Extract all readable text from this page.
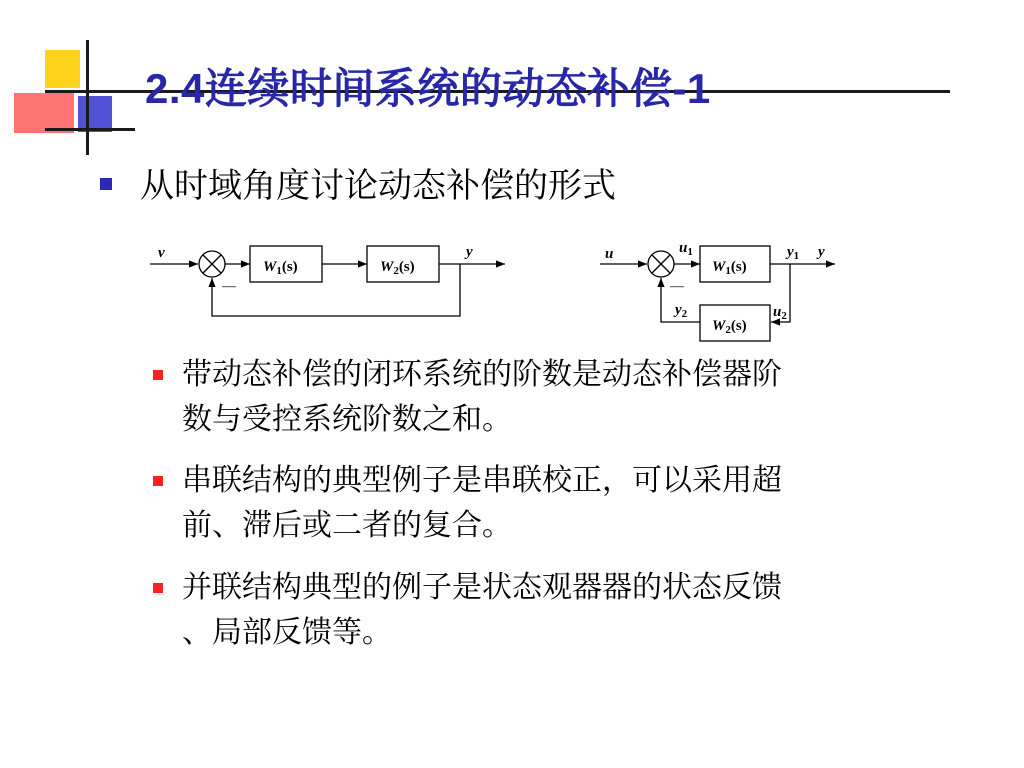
2.4连续时间系统的动态补偿-1
从时域角度讨论动态补偿的形式
v	y
—
$W_1(s)$	$W_2(s)$
u	$u_1$	$y_1$ y
—
$y_2$	$u_2$
$W_1(s)$
$W_2(s)$
带动态补偿的闭环系统的阶数是动态补偿器阶
数与受控系统阶数之和。
串联结构的典型例子是串联校正，可以采用超
前、滞后或二者的复合。
并联结构典型的例子是状态观器器的状态反馈
、局部反馈等。
